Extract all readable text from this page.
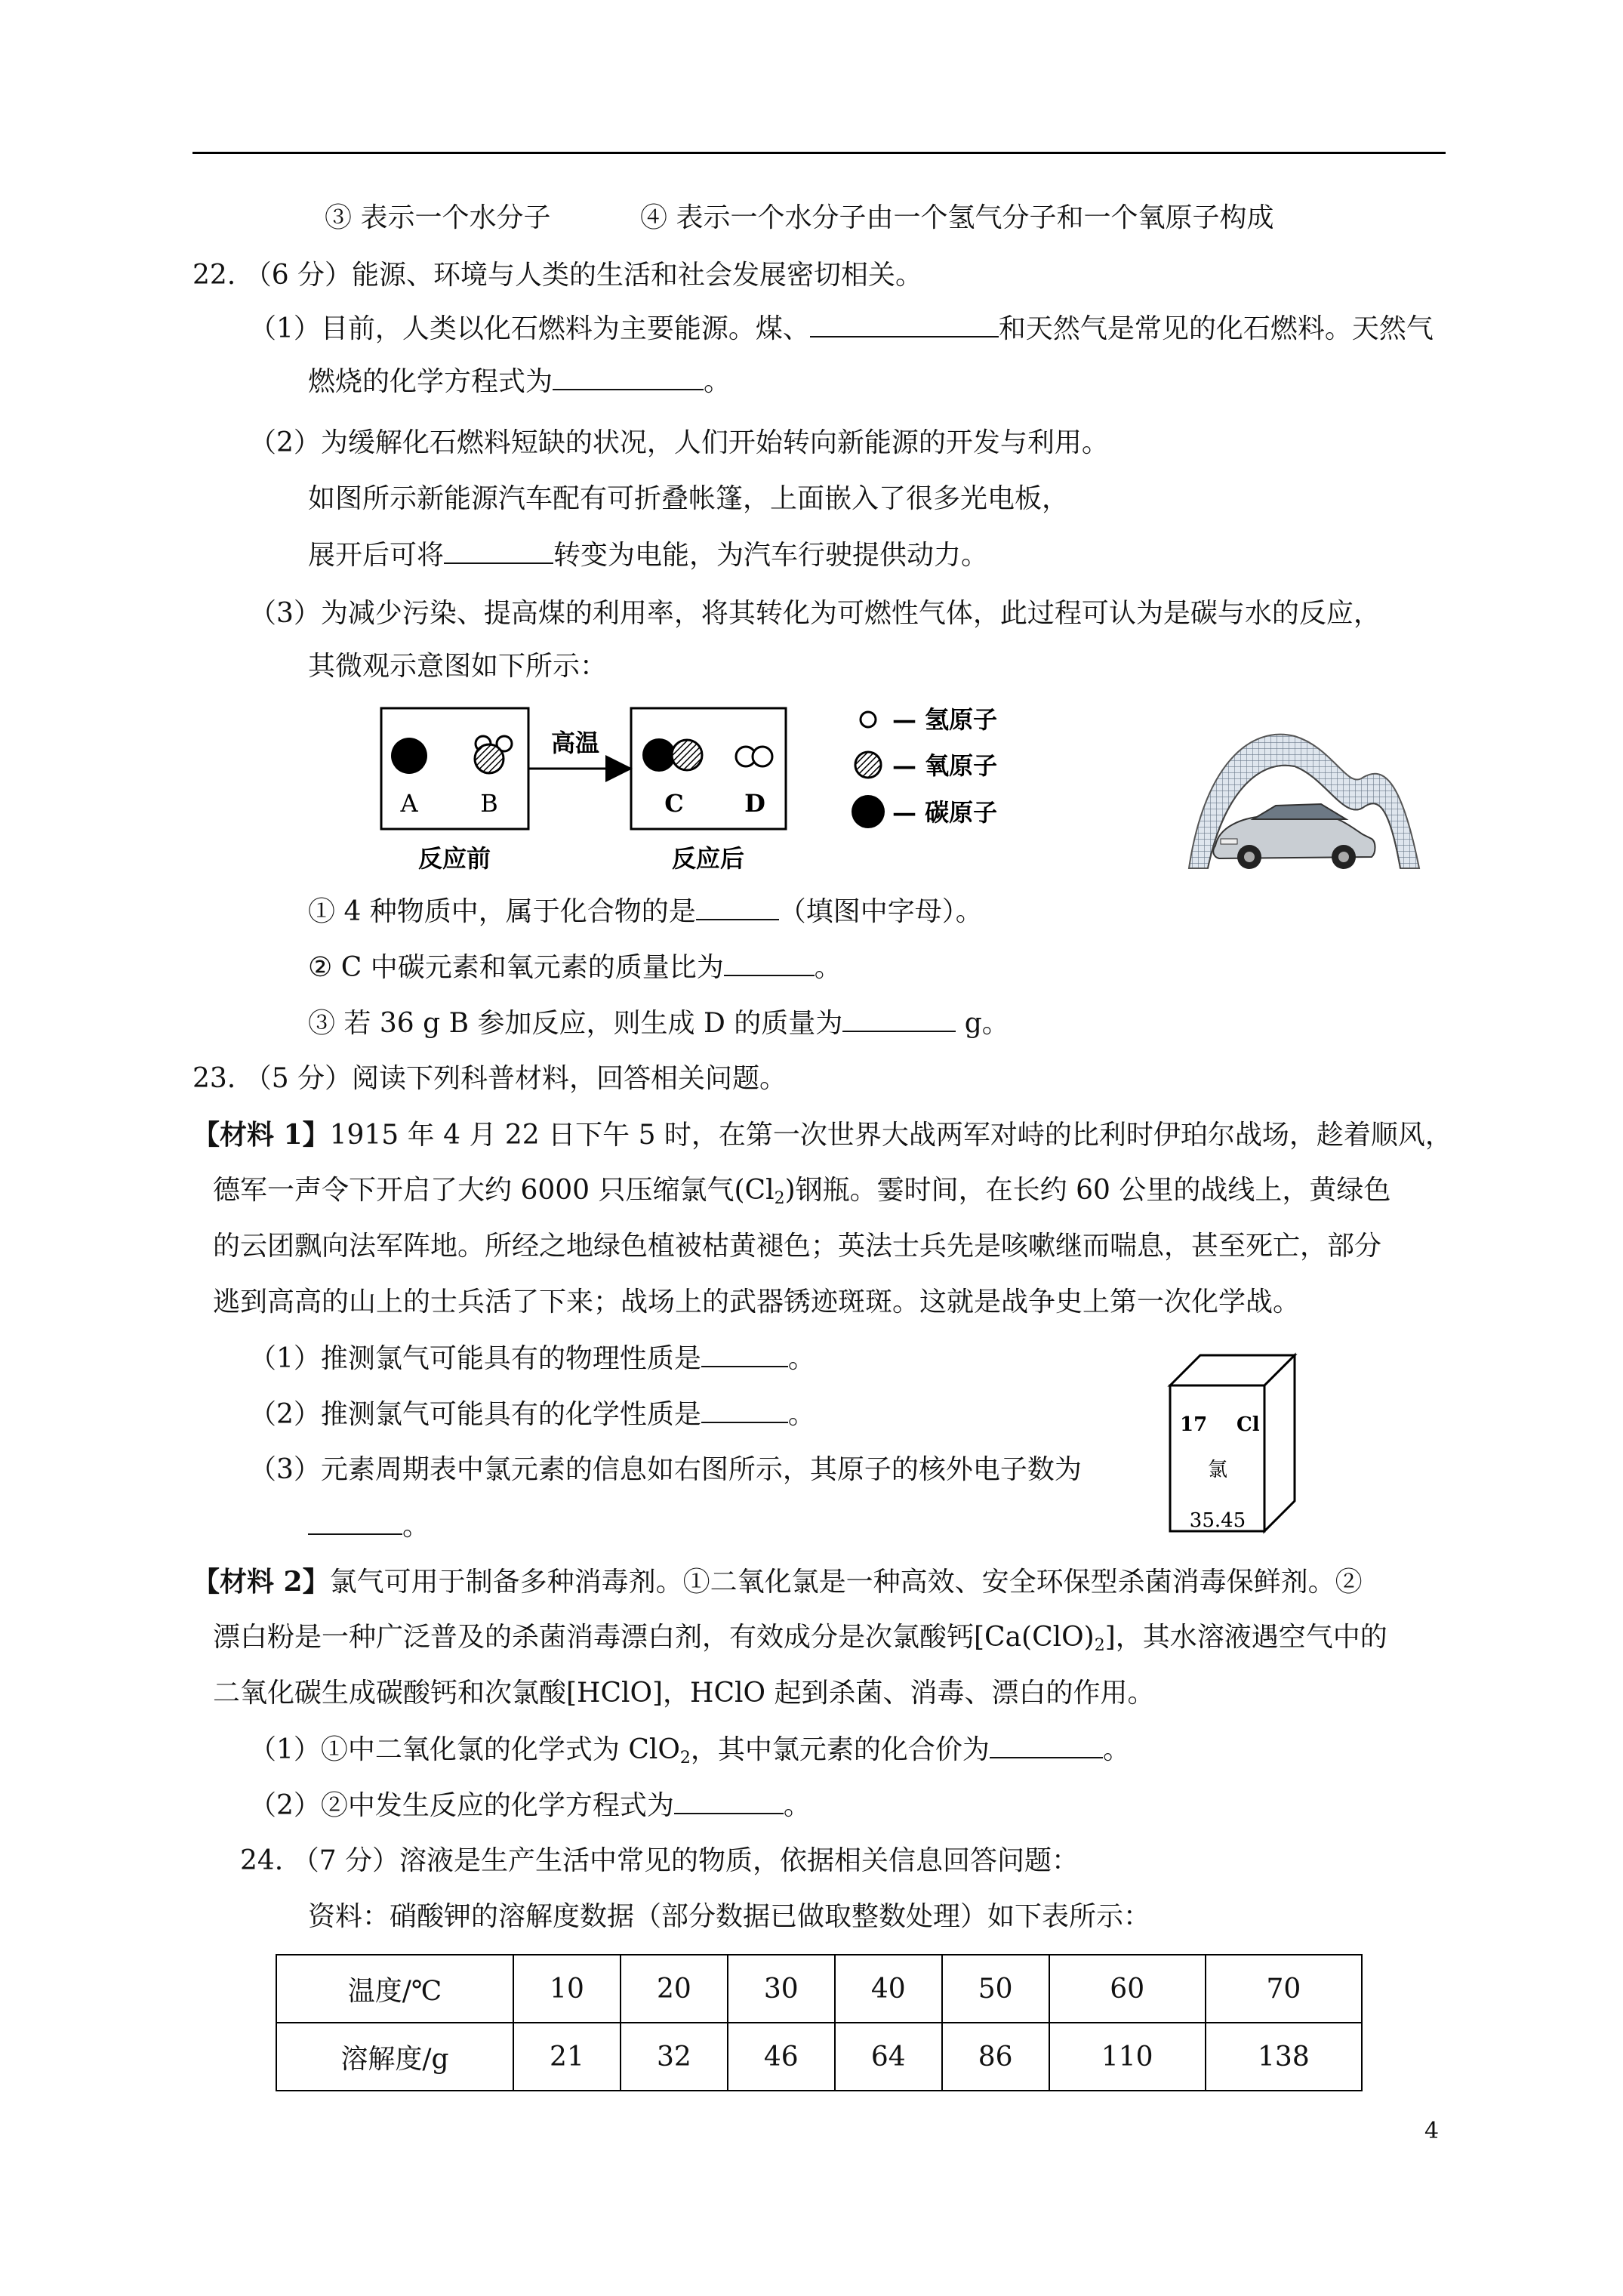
③ 表示一个水分子	④ 表示一个水分子由一个氢气分子和一个氧原子构成
22. （6 分）能源、环境与人类的生活和社会发展密切相关。
（1）目前，人类以化石燃料为主要能源。煤、	和天然气是常见的化石燃料。天然气
燃烧的化学方程式为	。
（2）为缓解化石燃料短缺的状况，人们开始转向新能源的开发与利用。
如图所示新能源汽车配有可折叠帐篷，上面嵌入了很多光电板，
展开后可将	转变为电能，为汽车行驶提供动力。
（3）为减少污染、提高煤的利用率，将其转化为可燃性气体，此过程可认为是碳与水的反应，
其微观示意图如下所示：
A	B
高温
C	D
反应前	反应后
— 氢原子
— 氧原子
— 碳原子
① 4 种物质中，属于化合物的是	（填图中字母）。
② C 中碳元素和氧元素的质量比为	。
③ 若 36 g B 参加反应，则生成 D 的质量为	g。
23. （5 分）阅读下列科普材料，回答相关问题。
【材料 1】1915 年 4 月 22 日下午 5 时，在第一次世界大战两军对峙的比利时伊珀尔战场，趁着顺风，
德军一声令下开启了大约 6000 只压缩氯气$(Cl_2)$钢瓶。霎时间，在长约 60 公里的战线上，黄绿色
的云团飘向法军阵地。所经之地绿色植被枯黄褪色；英法士兵先是咳嗽继而喘息，甚至死亡，部分
逃到高高的山上的士兵活了下来；战场上的武器锈迹斑斑。这就是战争史上第一次化学战。
（1）推测氯气可能具有的物理性质是	。
（2）推测氯气可能具有的化学性质是	。
（3）元素周期表中氯元素的信息如右图所示，其原子的核外电子数为
。
17 Cl
氯
35.45
【材料 2】氯气可用于制备多种消毒剂。①二氧化氯是一种高效、安全环保型杀菌消毒保鲜剂。②
漂白粉是一种广泛普及的杀菌消毒漂白剂，有效成分是次氯酸钙$[Ca(ClO)_2]$，其水溶液遇空气中的
二氧化碳生成碳酸钙和次氯酸[HClO]，HClO 起到杀菌、消毒、漂白的作用。
（1）①中二氧化氯的化学式为 ClO$_2$，其中氯元素的化合价为	。
（2）②中发生反应的化学方程式为	。
24. （7 分）溶液是生产生活中常见的物质，依据相关信息回答问题：
资料：硝酸钾的溶解度数据（部分数据已做取整数处理）如下表所示：
温度/℃	10	20	30	40	50	60	70
溶解度/g	21	32	46	64	86	110	138
4
